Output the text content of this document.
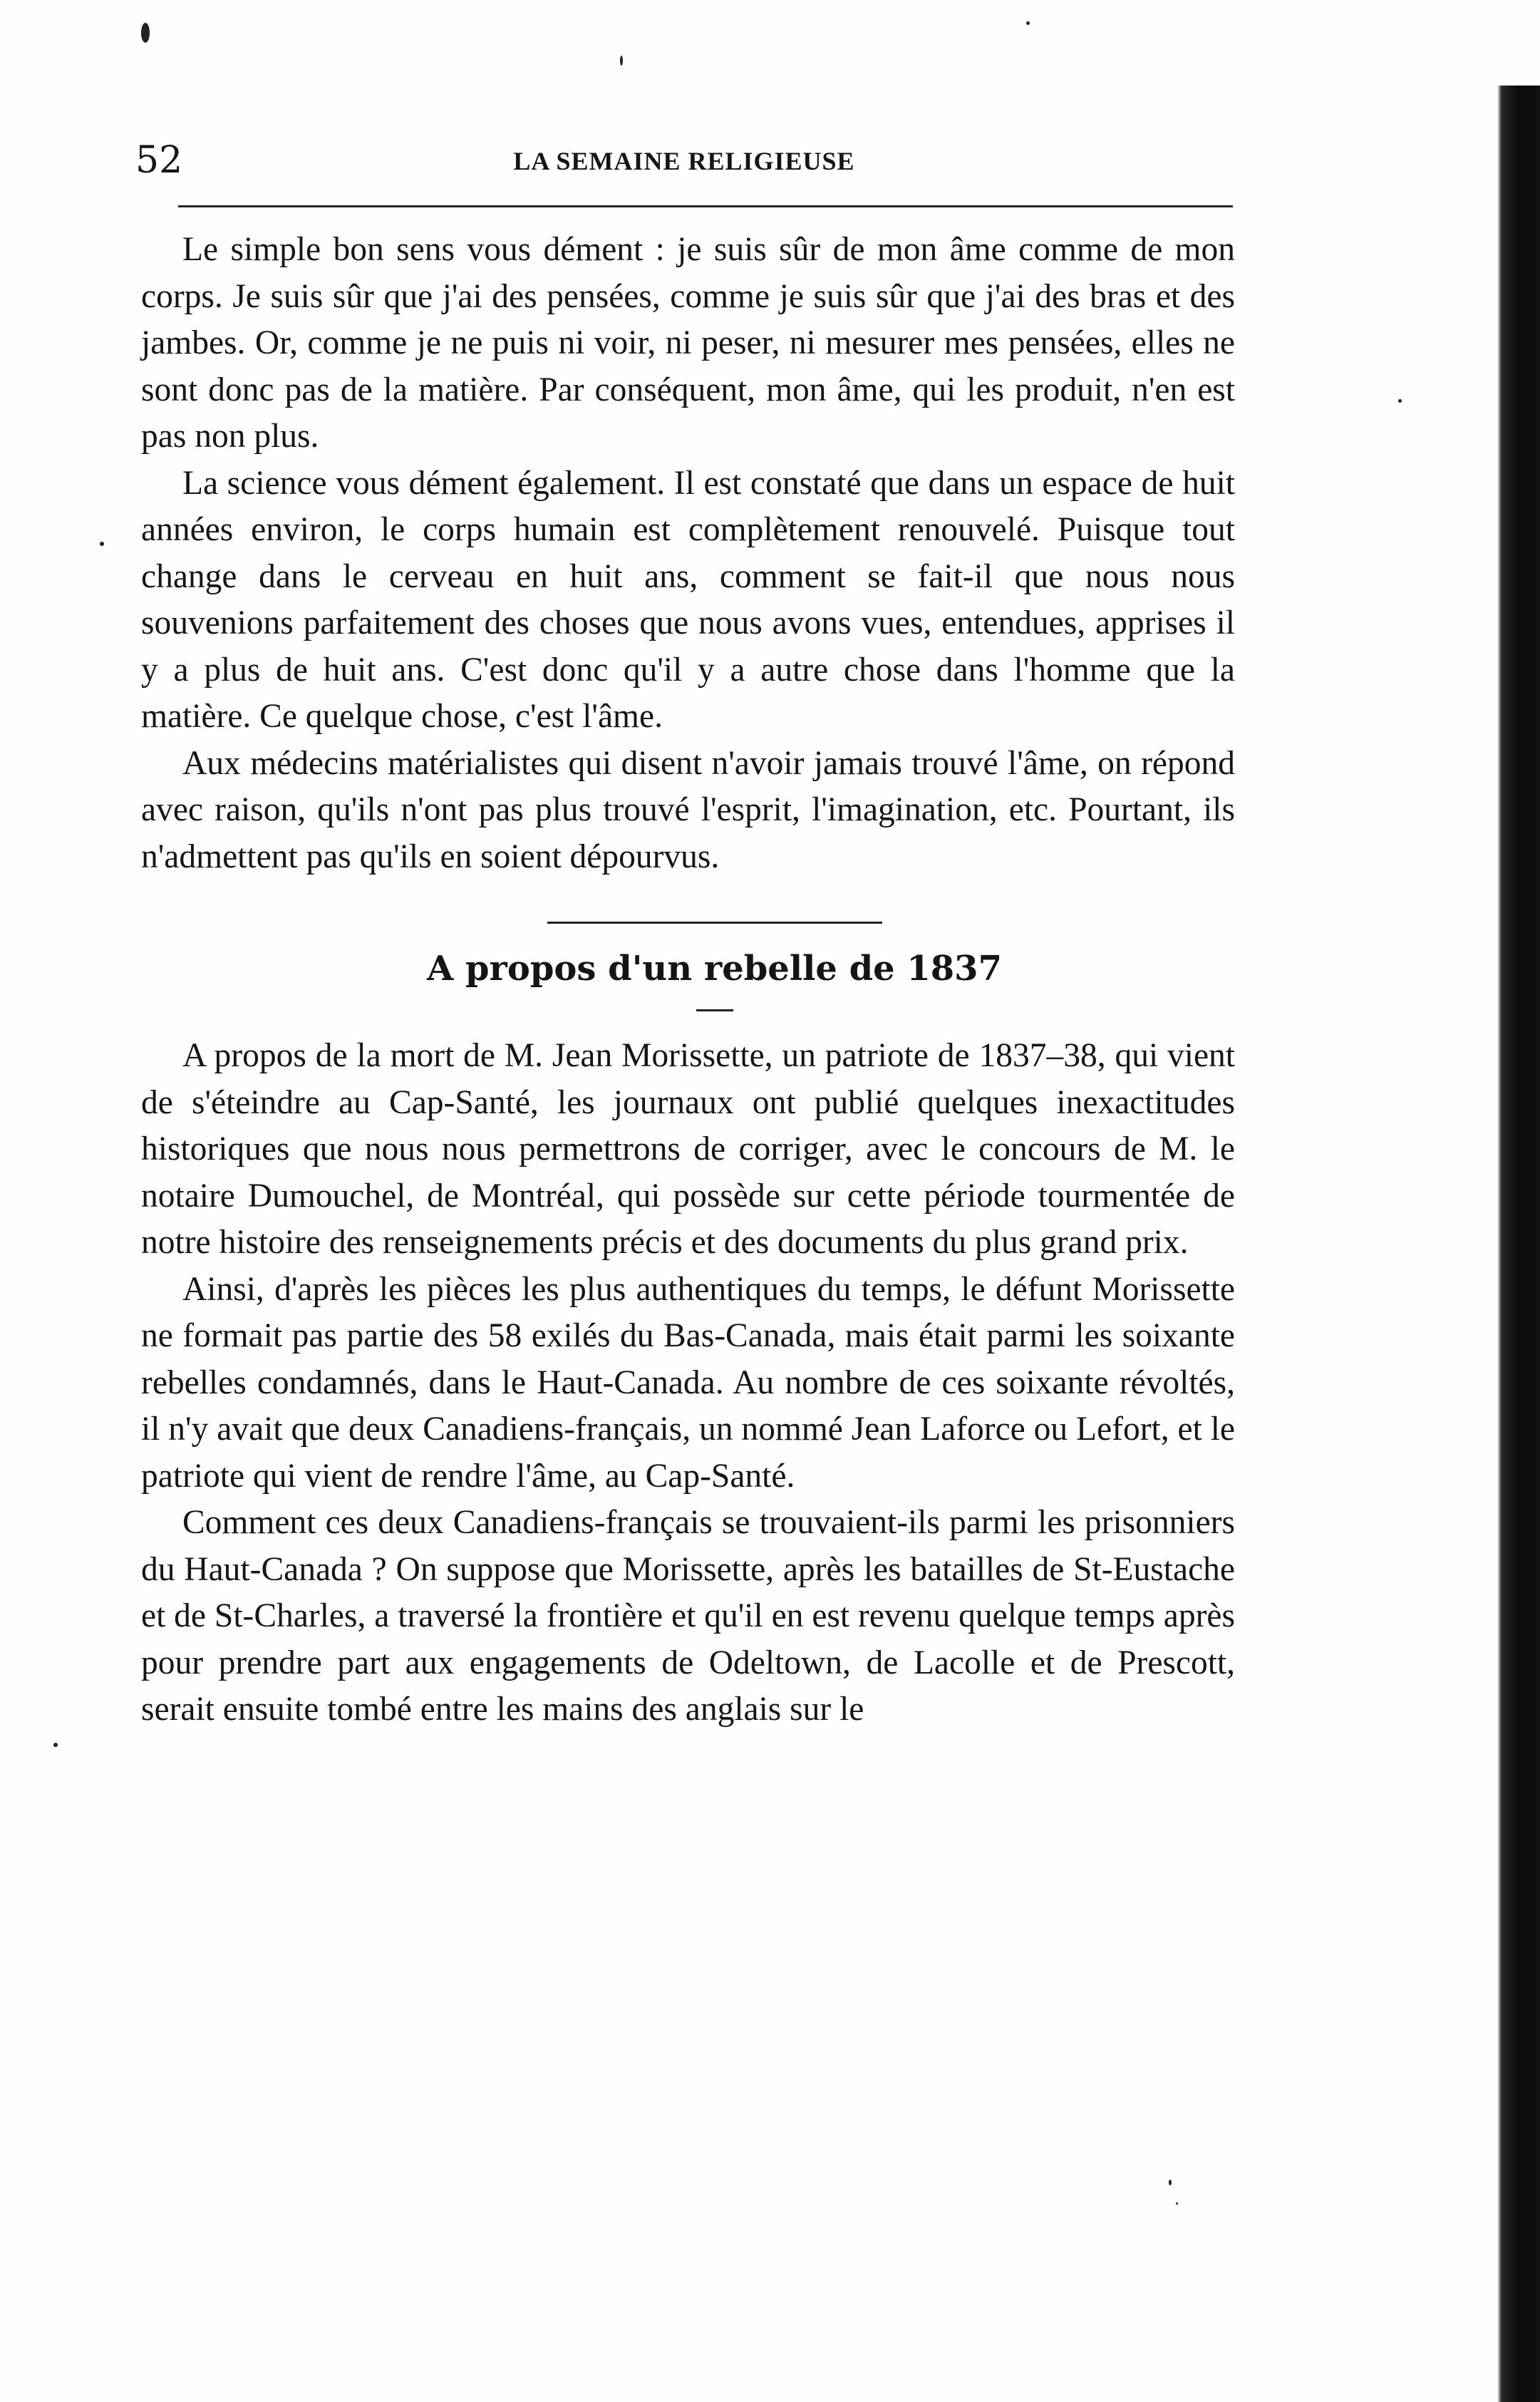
52	LA SEMAINE RELIGIEUSE

Le simple bon sens vous dément : je suis sûr de mon âme comme de mon corps. Je suis sûr que j'ai des pensées, comme je suis sûr que j'ai des bras et des jambes. Or, comme je ne puis ni voir, ni peser, ni mesurer mes pensées, elles ne sont donc pas de la matière. Par conséquent, mon âme, qui les produit, n'en est pas non plus.

La science vous dément également. Il est constaté que dans un espace de huit années environ, le corps humain est complètement renouvelé. Puisque tout change dans le cerveau en huit ans, comment se fait-il que nous nous souvenions parfaitement des choses que nous avons vues, entendues, apprises il y a plus de huit ans. C'est donc qu'il y a autre chose dans l'homme que la matière. Ce quelque chose, c'est l'âme.

Aux médecins matérialistes qui disent n'avoir jamais trouvé l'âme, on répond avec raison, qu'ils n'ont pas plus trouvé l'esprit, l'imagination, etc. Pourtant, ils n'admettent pas qu'ils en soient dépourvus.

A propos d'un rebelle de 1837

A propos de la mort de M. Jean Morissette, un patriote de 1837–38, qui vient de s'éteindre au Cap-Santé, les journaux ont publié quelques inexactitudes historiques que nous nous permettrons de corriger, avec le concours de M. le notaire Dumouchel, de Montréal, qui possède sur cette période tourmentée de notre histoire des renseignements précis et des documents du plus grand prix.

Ainsi, d'après les pièces les plus authentiques du temps, le défunt Morissette ne formait pas partie des 58 exilés du Bas-Canada, mais était parmi les soixante rebelles condamnés, dans le Haut-Canada. Au nombre de ces soixante révoltés, il n'y avait que deux Canadiens-français, un nommé Jean Laforce ou Lefort, et le patriote qui vient de rendre l'âme, au Cap-Santé.

Comment ces deux Canadiens-français se trouvaient-ils parmi les prisonniers du Haut-Canada ? On suppose que Morissette, après les batailles de St-Eustache et de St-Charles, a traversé la frontière et qu'il en est revenu quelque temps après pour prendre part aux engagements de Odeltown, de Lacolle et de Prescott, serait ensuite tombé entre les mains des anglais sur le
